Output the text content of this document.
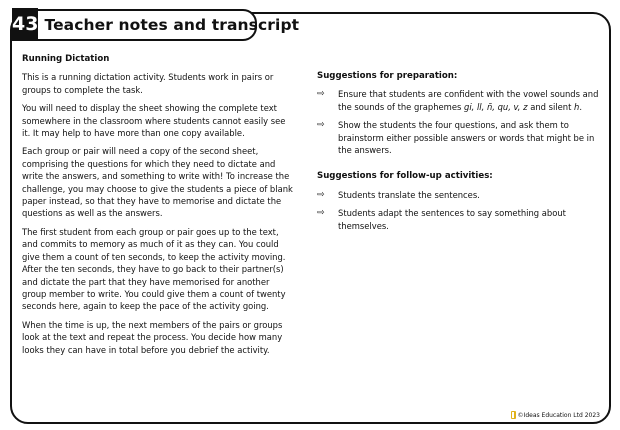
43 Teacher notes and transcript
Running Dictation

This is a running dictation activity. Students work in pairs or groups to complete the task.

You will need to display the sheet showing the complete text somewhere in the classroom where students cannot easily see it. It may help to have more than one copy available.

Each group or pair will need a copy of the second sheet, comprising the questions for which they need to dictate and write the answers, and something to write with! To increase the challenge, you may choose to give the students a piece of blank paper instead, so that they have to memorise and dictate the questions as well as the answers.

The first student from each group or pair goes up to the text, and commits to memory as much of it as they can. You could give them a count of ten seconds, to keep the activity moving. After the ten seconds, they have to go back to their partner(s) and dictate the part that they have memorised for another group member to write. You could give them a count of twenty seconds here, again to keep the pace of the activity going.

When the time is up, the next members of the pairs or groups look at the text and repeat the process. You decide how many looks they can have in total before you debrief the activity.

Suggestions for preparation:
⇨	Ensure that students are confident with the vowel sounds and the sounds of the graphemes gi, ll, ñ, qu, v, z and silent h.
⇨	Show the students the four questions, and ask them to brainstorm either possible answers or words that might be in the answers.
Suggestions for follow-up activities:
⇨	Students translate the sentences.
⇨	Students adapt the sentences to say something about themselves.
©Ideas Education Ltd 2023
